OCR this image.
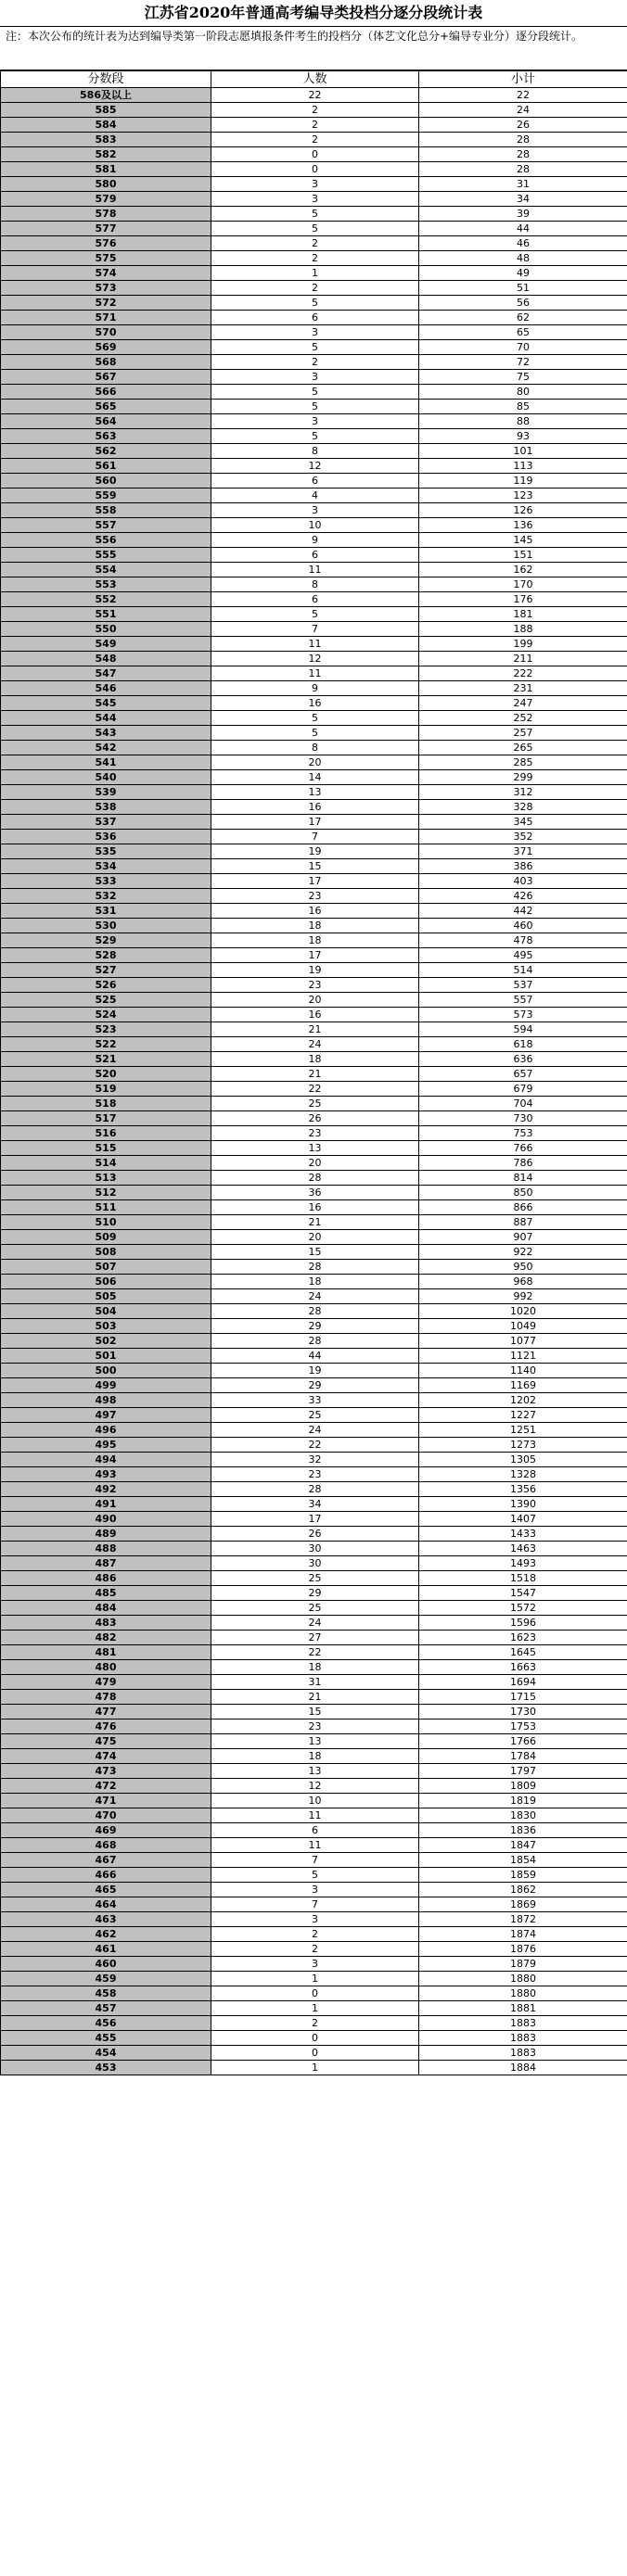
江苏省2020年普通高考编导类投档分逐分段统计表
注：本次公布的统计表为达到编导类第一阶段志愿填报条件考生的投档分（体艺文化总分+编导专业分）逐分段统计。
分数段	人数	小计
586及以上	22	22
585	2	24
584	2	26
583	2	28
582	0	28
581	0	28
580	3	31
579	3	34
578	5	39
577	5	44
576	2	46
575	2	48
574	1	49
573	2	51
572	5	56
571	6	62
570	3	65
569	5	70
568	2	72
567	3	75
566	5	80
565	5	85
564	3	88
563	5	93
562	8	101
561	12	113
560	6	119
559	4	123
558	3	126
557	10	136
556	9	145
555	6	151
554	11	162
553	8	170
552	6	176
551	5	181
550	7	188
549	11	199
548	12	211
547	11	222
546	9	231
545	16	247
544	5	252
543	5	257
542	8	265
541	20	285
540	14	299
539	13	312
538	16	328
537	17	345
536	7	352
535	19	371
534	15	386
533	17	403
532	23	426
531	16	442
530	18	460
529	18	478
528	17	495
527	19	514
526	23	537
525	20	557
524	16	573
523	21	594
522	24	618
521	18	636
520	21	657
519	22	679
518	25	704
517	26	730
516	23	753
515	13	766
514	20	786
513	28	814
512	36	850
511	16	866
510	21	887
509	20	907
508	15	922
507	28	950
506	18	968
505	24	992
504	28	1020
503	29	1049
502	28	1077
501	44	1121
500	19	1140
499	29	1169
498	33	1202
497	25	1227
496	24	1251
495	22	1273
494	32	1305
493	23	1328
492	28	1356
491	34	1390
490	17	1407
489	26	1433
488	30	1463
487	30	1493
486	25	1518
485	29	1547
484	25	1572
483	24	1596
482	27	1623
481	22	1645
480	18	1663
479	31	1694
478	21	1715
477	15	1730
476	23	1753
475	13	1766
474	18	1784
473	13	1797
472	12	1809
471	10	1819
470	11	1830
469	6	1836
468	11	1847
467	7	1854
466	5	1859
465	3	1862
464	7	1869
463	3	1872
462	2	1874
461	2	1876
460	3	1879
459	1	1880
458	0	1880
457	1	1881
456	2	1883
455	0	1883
454	0	1883
453	1	1884
